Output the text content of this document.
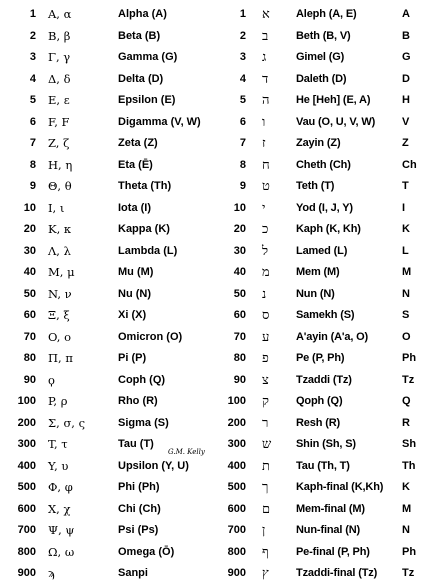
1 A, α	Alpha (A)	1 א	Aleph (A, E)	A
2 B, β	Beta (B)	2 ב	Beth (B, V)	B
3 Γ, γ	Gamma (G)	3 ג	Gimel (G)	G
4 Δ, δ	Delta (D)	4 ד	Daleth (D)	D
5 E, ε	Epsilon (E)	5 ה	He [Heh] (E, A)	H
6 F, F	Digamma (V, W)	6 ו	Vau (O, U, V, W)	V
7 Z, ζ	Zeta (Z)	7 ז	Zayin (Z)	Z
8 H, η	Eta (Ē)	8 ח	Cheth (Ch)	Ch
9 Θ, θ	Theta (Th)	9 ט	Teth (T)	T
10 I, ι	Iota (I)	10 י	Yod (I, J, Y)	I
20 K, κ	Kappa (K)	20 כ	Kaph (K, Kh)	K
30 Λ, λ	Lambda (L)	30 ל	Lamed (L)	L
40 M, μ	Mu (M)	40 מ	Mem (M)	M
50 N, ν	Nu (N)	50 נ	Nun (N)	N
60 Ξ, ξ	Xi (X)	60 ס	Samekh (S)	S
70 O, ο	Omicron (O)	70 ע	A'ayin (A'a, O)	O
80 Π, π	Pi (P)	80 פ	Pe (P, Ph)	Ph
90 ϙ	Coph (Q)	90 צ	Tzaddi (Tz)	Tz
100 P, ρ	Rho (R)	100 ק	Qoph (Q)	Q
200 Σ, σ, ς	Sigma (S)	200 ר	Resh (R)	R
300 T, τ	Tau (T)	300 ש	Shin (Sh, S)	Sh
400 Y, υ	Upsilon (Y, U)	400 ת	Tau (Th, T)	Th
500 Φ, φ	Phi (Ph)	500 ך	Kaph-final (K,Kh)	K
600 X, χ	Chi (Ch)	600 ם	Mem-final (M)	M
700 Ψ, ψ	Psi (Ps)	700 ן	Nun-final (N)	N
800 Ω, ω	Omega (Ō)	800 ף	Pe-final (P, Ph)	Ph
900 ϡ	Sanpi	900 ץ	Tzaddi-final (Tz)	Tz
G.M. Kelly
